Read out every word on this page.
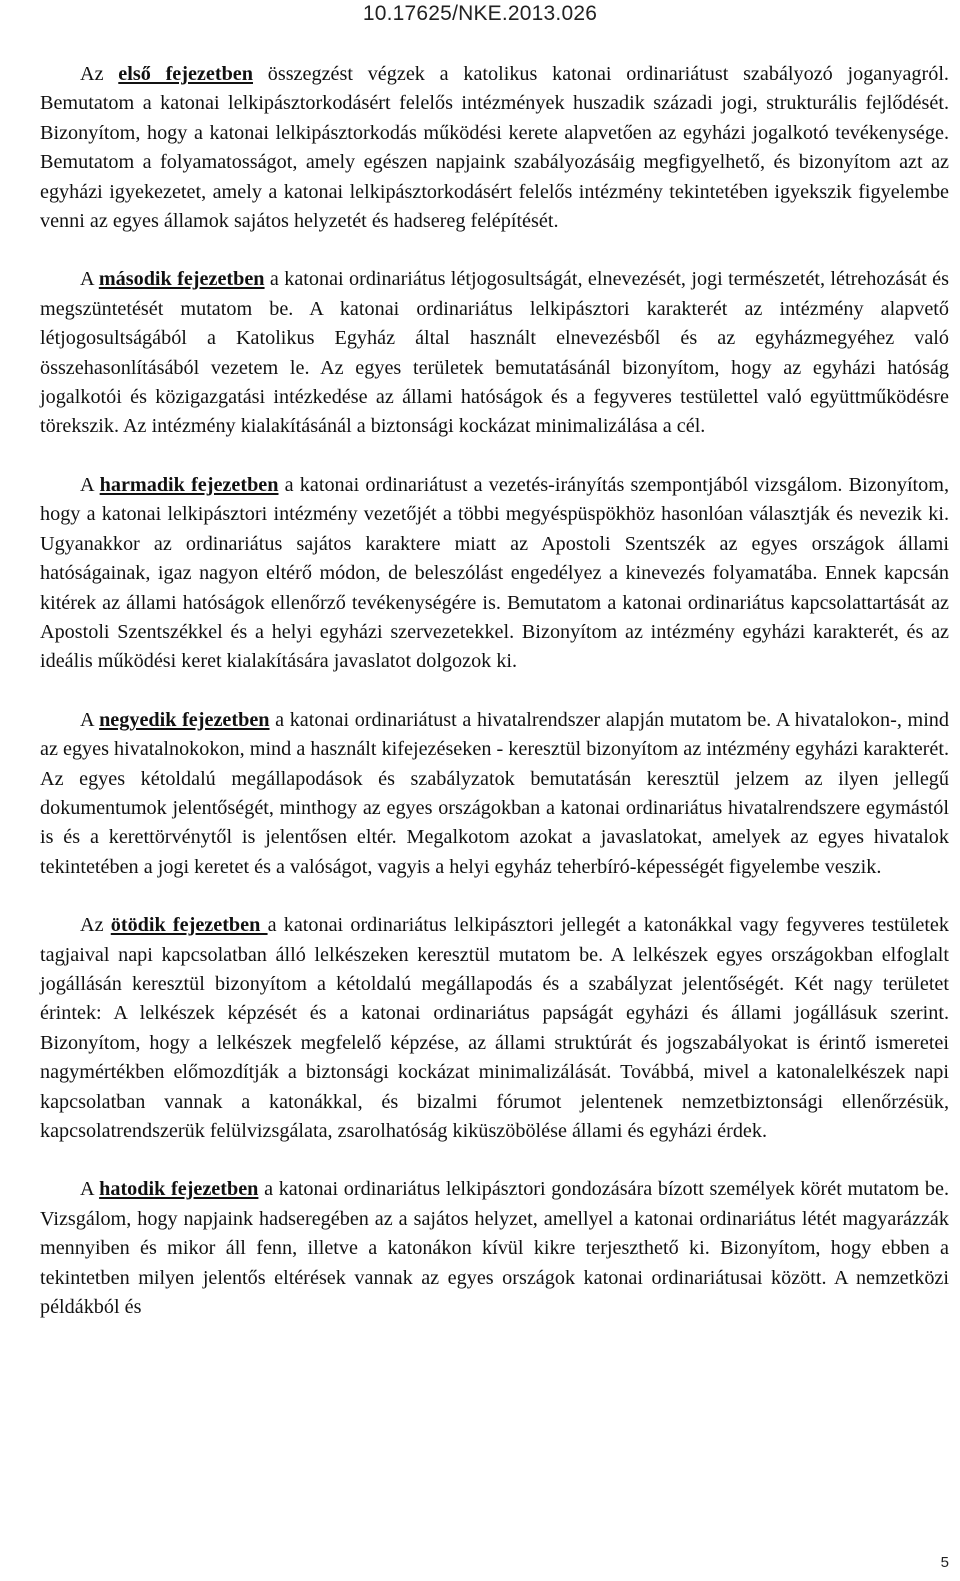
10.17625/NKE.2013.026

Az első fejezetben összegzést végzek a katolikus katonai ordinariátust szabályozó joganyagról. Bemutatom a katonai lelkipásztorkodásért felelős intézmények huszadik századi jogi, strukturális fejlődését. Bizonyítom, hogy a katonai lelkipásztorkodás működési kerete alapvetően az egyházi jogalkotó tevékenysége. Bemutatom a folyamatosságot, amely egészen napjaink szabályozásáig megfigyelhető, és bizonyítom azt az egyházi igyekezetet, amely a katonai lelkipásztorkodásért felelős intézmény tekintetében igyekszik figyelembe venni az egyes államok sajátos helyzetét és hadsereg felépítését.

A második fejezetben a katonai ordinariátus létjogosultságát, elnevezését, jogi természetét, létrehozását és megszüntetését mutatom be. A katonai ordinariátus lelkipásztori karakterét az intézmény alapvető létjogosultságából a Katolikus Egyház által használt elnevezésből és az egyházmegyéhez való összehasonlításából vezetem le. Az egyes területek bemutatásánál bizonyítom, hogy az egyházi hatóság jogalkotói és közigazgatási intézkedése az állami hatóságok és a fegyveres testülettel való együttműködésre törekszik. Az intézmény kialakításánál a biztonsági kockázat minimalizálása a cél.

A harmadik fejezetben a katonai ordinariátust a vezetés-irányítás szempontjából vizsgálom. Bizonyítom, hogy a katonai lelkipásztori intézmény vezetőjét a többi megyéspüspökhöz hasonlóan választják és nevezik ki. Ugyanakkor az ordinariátus sajátos karaktere miatt az Apostoli Szentszék az egyes országok állami hatóságainak, igaz nagyon eltérő módon, de beleszólást engedélyez a kinevezés folyamatába. Ennek kapcsán kitérek az állami hatóságok ellenőrző tevékenységére is. Bemutatom a katonai ordinariátus kapcsolattartását az Apostoli Szentszékkel és a helyi egyházi szervezetekkel. Bizonyítom az intézmény egyházi karakterét, és az ideális működési keret kialakítására javaslatot dolgozok ki.

A negyedik fejezetben a katonai ordinariátust a hivatalrendszer alapján mutatom be. A hivatalokon-, mind az egyes hivatalnokokon, mind a használt kifejezéseken - keresztül bizonyítom az intézmény egyházi karakterét. Az egyes kétoldalú megállapodások és szabályzatok bemutatásán keresztül jelzem az ilyen jellegű dokumentumok jelentőségét, minthogy az egyes országokban a katonai ordinariátus hivatalrendszere egymástól is és a kerettörvénytől is jelentősen eltér. Megalkotom azokat a javaslatokat, amelyek az egyes hivatalok tekintetében a jogi keretet és a valóságot, vagyis a helyi egyház teherbíró-képességét figyelembe veszik.

Az ötödik fejezetben a katonai ordinariátus lelkipásztori jellegét a katonákkal vagy fegyveres testületek tagjaival napi kapcsolatban álló lelkészeken keresztül mutatom be. A lelkészek egyes országokban elfoglalt jogállásán keresztül bizonyítom a kétoldalú megállapodás és a szabályzat jelentőségét. Két nagy területet érintek: A lelkészek képzését és a katonai ordinariátus papságát egyházi és állami jogállásuk szerint. Bizonyítom, hogy a lelkészek megfelelő képzése, az állami struktúrát és jogszabályokat is érintő ismeretei nagymértékben előmozdítják a biztonsági kockázat minimalizálását. Továbbá, mivel a katonalelkészek napi kapcsolatban vannak a katonákkal, és bizalmi fórumot jelentenek nemzetbiztonsági ellenőrzésük, kapcsolatrendszerük felülvizsgálata, zsarolhatóság kiküszöbölése állami és egyházi érdek.

A hatodik fejezetben a katonai ordinariátus lelkipásztori gondozására bízott személyek körét mutatom be. Vizsgálom, hogy napjaink hadseregében az a sajátos helyzet, amellyel a katonai ordinariátus létét magyarázzák mennyiben és mikor áll fenn, illetve a katonákon kívül kikre terjeszthető ki. Bizonyítom, hogy ebben a tekintetben milyen jelentős eltérések vannak az egyes országok katonai ordinariátusai között. A nemzetközi példákból és

5
